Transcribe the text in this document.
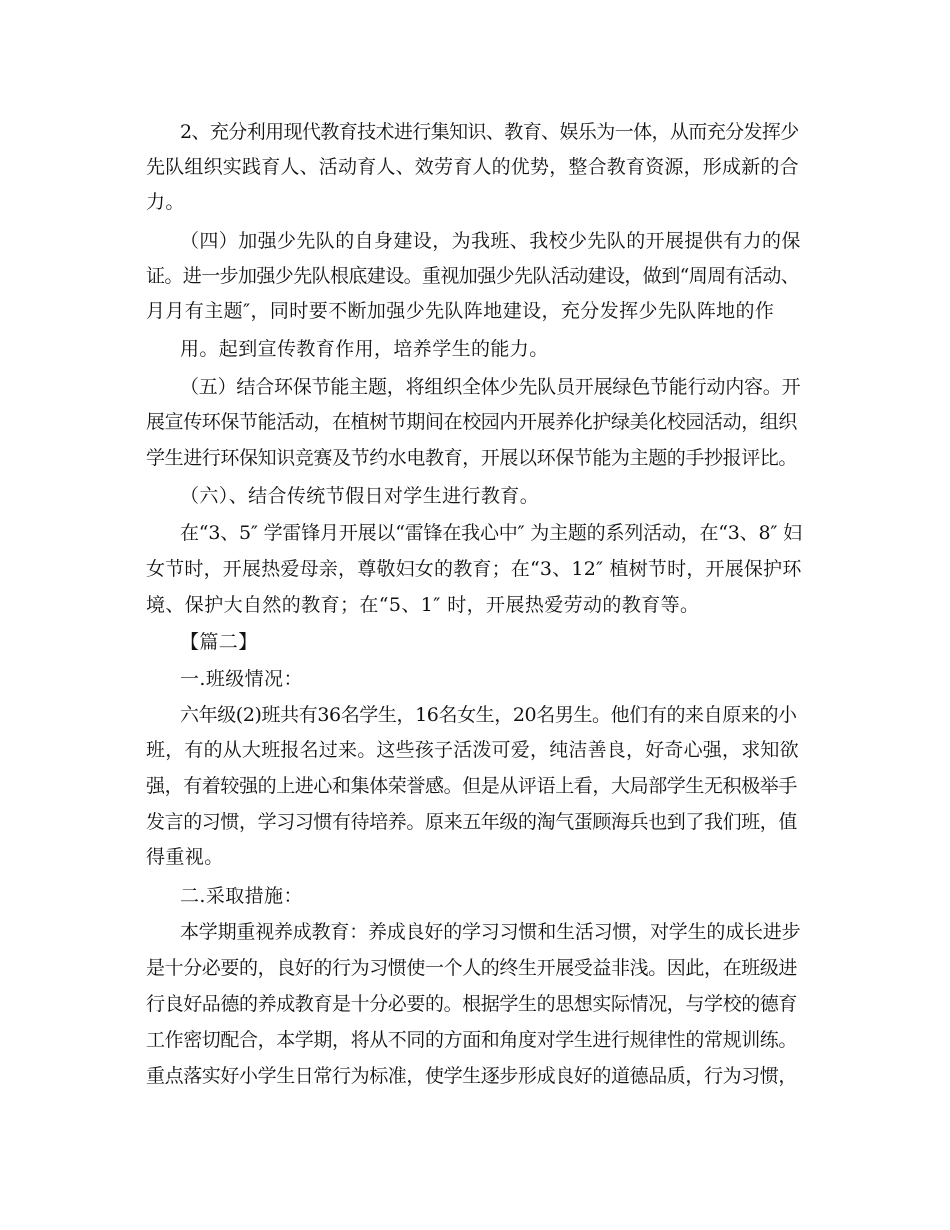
2、充分利用现代教育技术进行集知识、教育、娱乐为一体，从而充分发挥少
先队组织实践育人、活动育人、效劳育人的优势，整合教育资源，形成新的合
力。
（四）加强少先队的自身建设，为我班、我校少先队的开展提供有力的保
证。进一步加强少先队根底建设。重视加强少先队活动建设，做到“周周有活动、
月月有主题″，同时要不断加强少先队阵地建设，充分发挥少先队阵地的作
用。起到宣传教育作用，培养学生的能力。
（五）结合环保节能主题，将组织全体少先队员开展绿色节能行动内容。开
展宣传环保节能活动，在植树节期间在校园内开展养化护绿美化校园活动，组织
学生进行环保知识竞赛及节约水电教育，开展以环保节能为主题的手抄报评比。
（六）、结合传统节假日对学生进行教育。
在“3、5″ 学雷锋月开展以“雷锋在我心中″ 为主题的系列活动，在“3、8″ 妇
女节时，开展热爱母亲，尊敬妇女的教育；在“3、12″ 植树节时，开展保护环
境、保护大自然的教育；在“5、1″ 时，开展热爱劳动的教育等。
【篇二】
一.班级情况：
六年级(2)班共有36名学生，16名女生，20名男生。他们有的来自原来的小
班，有的从大班报名过来。这些孩子活泼可爱，纯洁善良，好奇心强，求知欲
强，有着较强的上进心和集体荣誉感。但是从评语上看，大局部学生无积极举手
发言的习惯，学习习惯有待培养。原来五年级的淘气蛋顾海兵也到了我们班，值
得重视。
二.采取措施：
本学期重视养成教育：养成良好的学习习惯和生活习惯，对学生的成长进步
是十分必要的，良好的行为习惯使一个人的终生开展受益非浅。因此，在班级进
行良好品德的养成教育是十分必要的。根据学生的思想实际情况，与学校的德育
工作密切配合，本学期，将从不同的方面和角度对学生进行规律性的常规训练。
重点落实好小学生日常行为标准，使学生逐步形成良好的道德品质，行为习惯，
